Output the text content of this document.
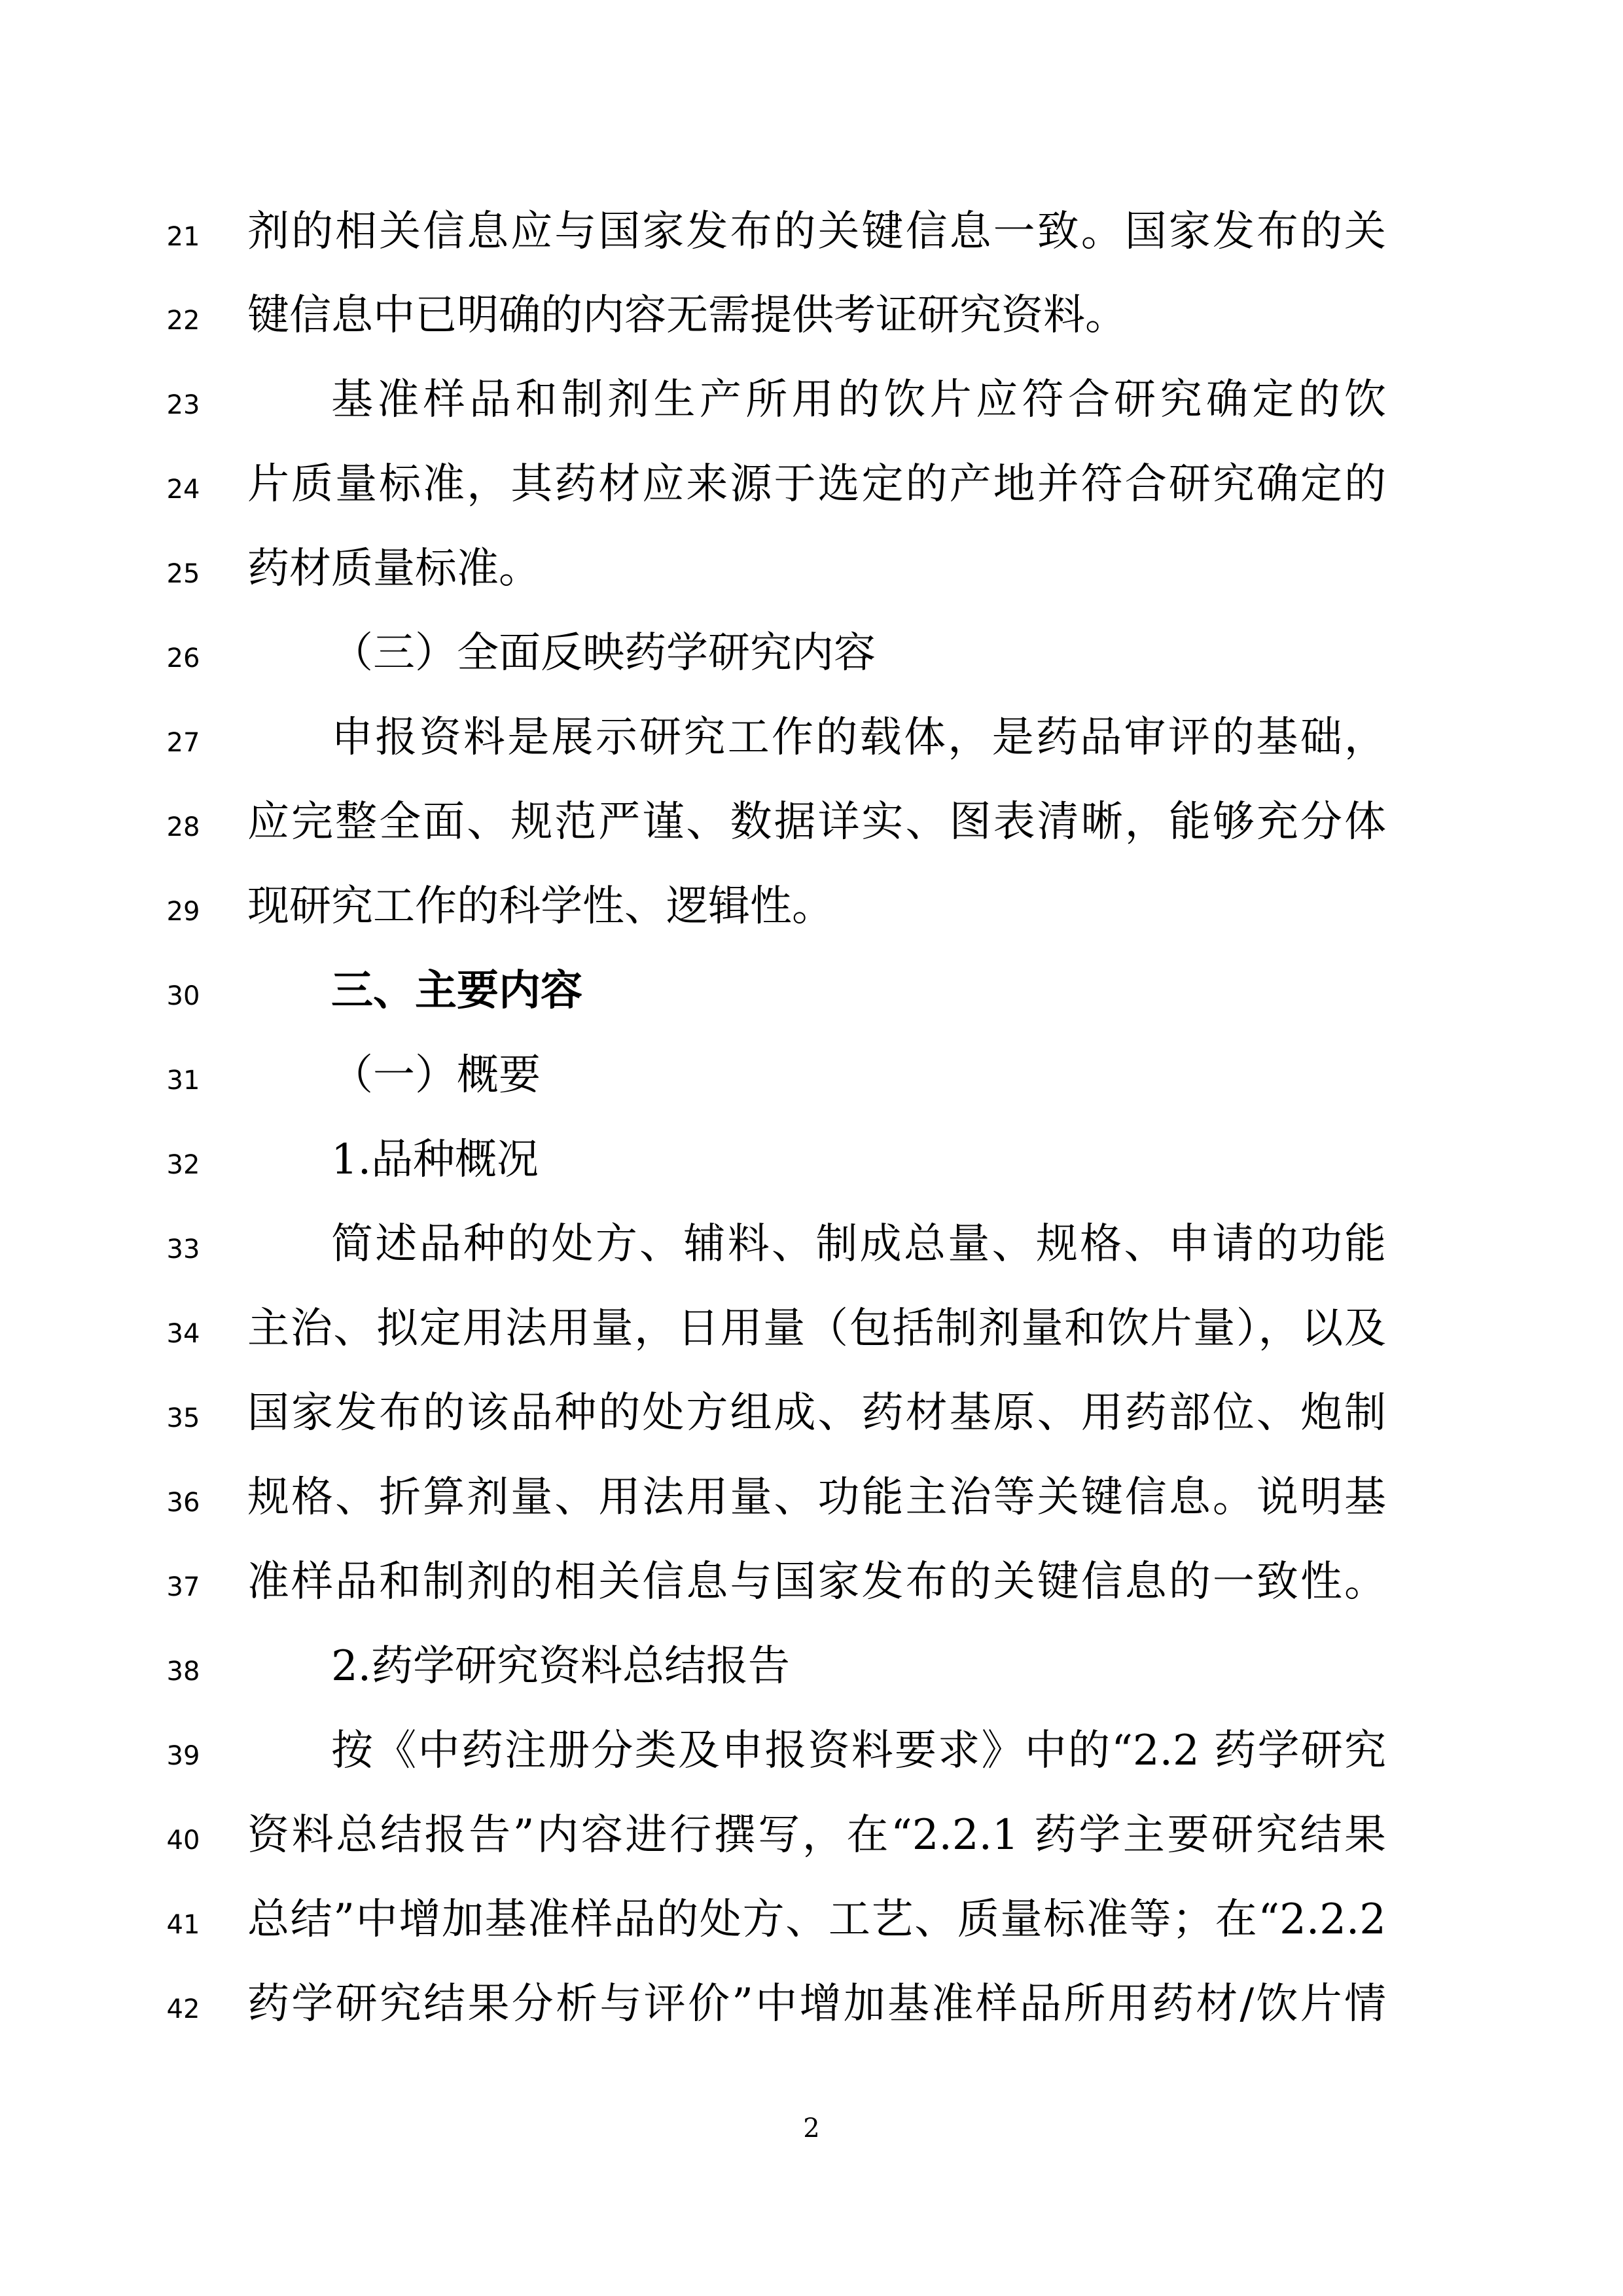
21 剂的相关信息应与国家发布的关键信息一致。国家发布的关
22 键信息中已明确的内容无需提供考证研究资料。
23	基准样品和制剂生产所用的饮片应符合研究确定的饮
24 片质量标准，其药材应来源于选定的产地并符合研究确定的
25 药材质量标准。
26	（三）全面反映药学研究内容
27	申报资料是展示研究工作的载体，是药品审评的基础，
28 应完整全面、规范严谨、数据详实、图表清晰，能够充分体
29 现研究工作的科学性、逻辑性。
30	三、主要内容
31	（一）概要
32	1.品种概况
33	简述品种的处方、辅料、制成总量、规格、申请的功能
34 主治、拟定用法用量，日用量（包括制剂量和饮片量），以及
35 国家发布的该品种的处方组成、药材基原、用药部位、炮制
36 规格、折算剂量、用法用量、功能主治等关键信息。说明基
37 准样品和制剂的相关信息与国家发布的关键信息的一致性。
38	2.药学研究资料总结报告
39	按《中药注册分类及申报资料要求》中的“2.2 药学研究
40 资料总结报告”内容进行撰写，在“2.2.1 药学主要研究结果
41 总结”中增加基准样品的处方、工艺、质量标准等；在“2.2.2
42 药学研究结果分析与评价”中增加基准样品所用药材/饮片情
2
